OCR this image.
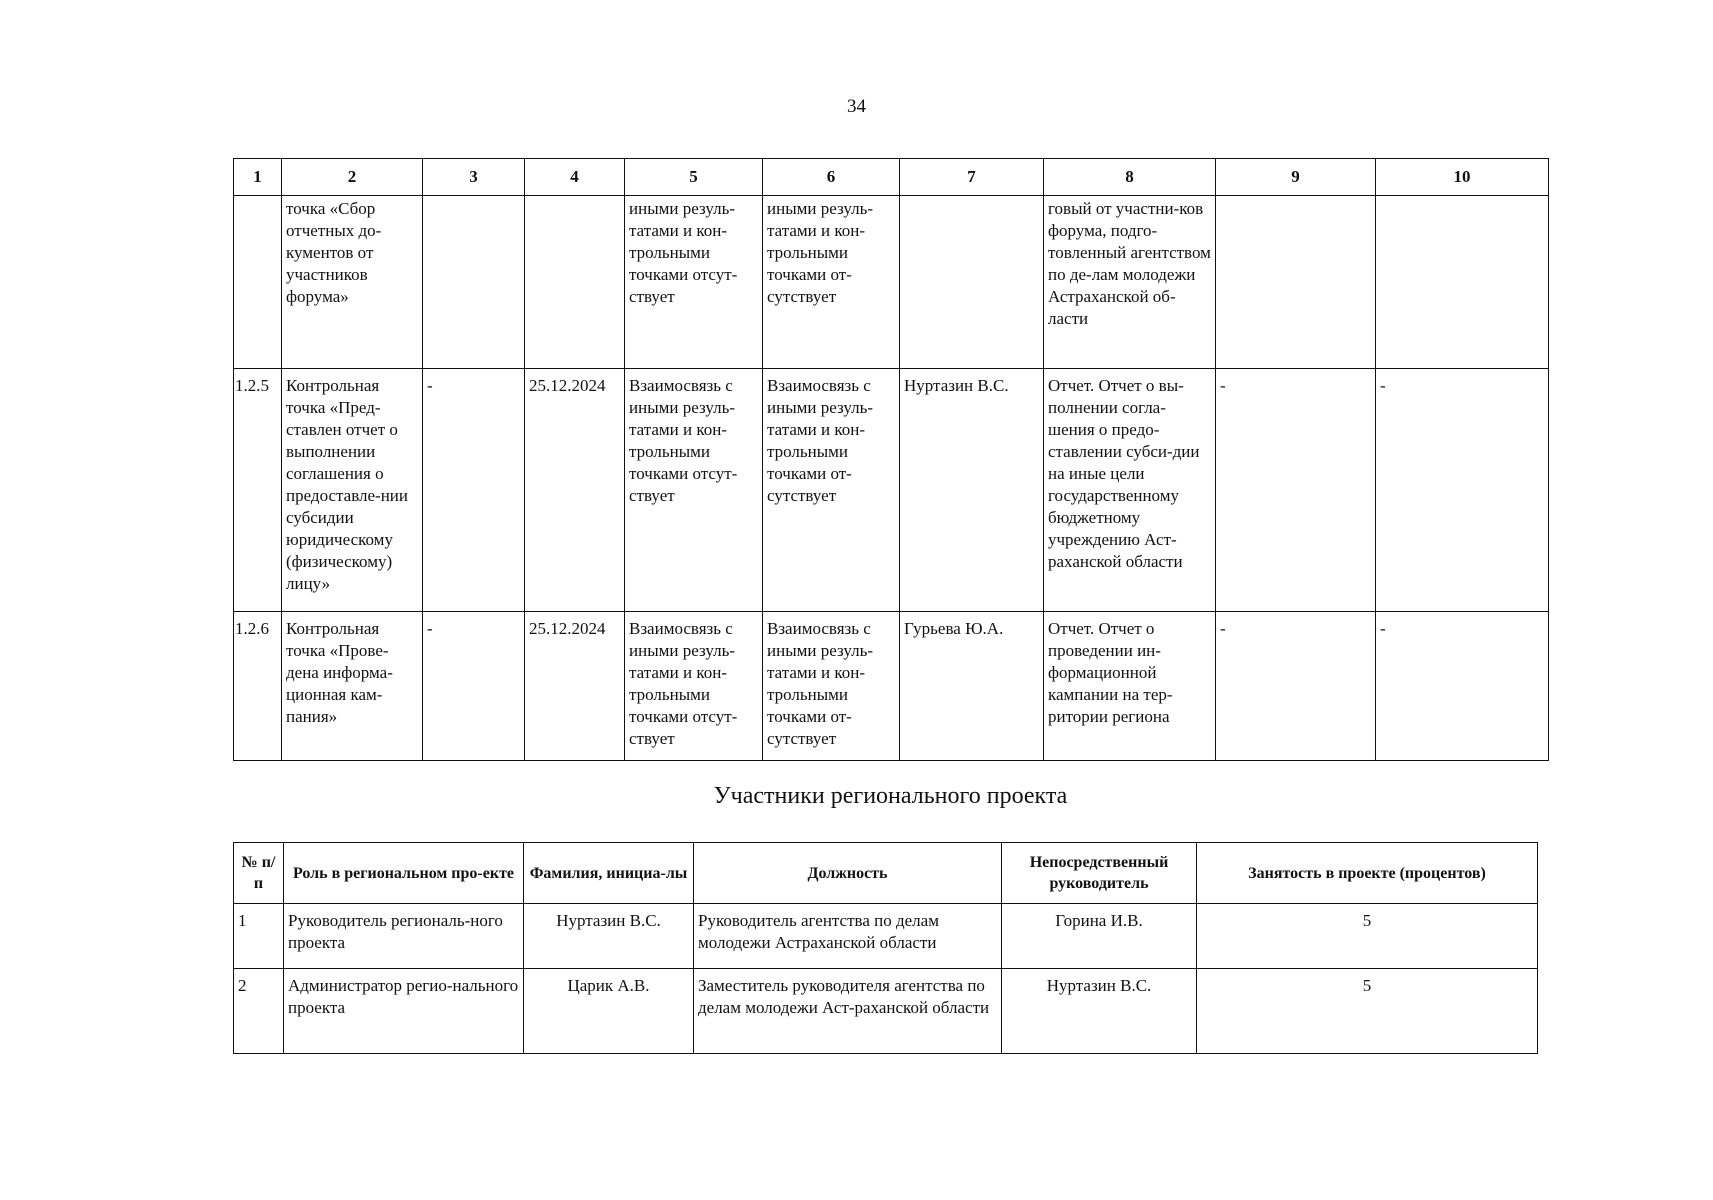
34
1	2	3	4	5	6	7	8	9	10
	точка «Сбор отчетных до-кументов от участников форума»			иными резуль-татами и кон-трольными точками отсут-ствует	иными резуль-татами и кон-трольными точками от-сутствует		говый от участни-ков форума, подго-товленный агентством по де-лам молодежи Астраханской об-ласти		
1.2.5	Контрольная точка «Пред-ставлен отчет о выполнении соглашения о предоставле-нии субсидии юридическому (физическому) лицу»	-	25.12.2024	Взаимосвязь с иными резуль-татами и кон-трольными точками отсут-ствует	Взаимосвязь с иными резуль-татами и кон-трольными точками от-сутствует	Нуртазин В.С.	Отчет. Отчет о вы-полнении согла-шения о предо-ставлении субси-дии на иные цели государственному бюджетному учреждению Аст-раханской области	-	-
1.2.6	Контрольная точка «Прове-дена информа-ционная кам-пания»	-	25.12.2024	Взаимосвязь с иными резуль-татами и кон-трольными точками отсут-ствует	Взаимосвязь с иными резуль-татами и кон-трольными точками от-сутствует	Гурьева Ю.А.	Отчет. Отчет о проведении ин-формационной кампании на тер-ритории региона	-	-
Участники регионального проекта
№ п/п	Роль в региональном про-екте	Фамилия, инициа-лы	Должность	Непосредственный руководитель	Занятость в проекте (процентов)
1	Руководитель региональ-ного проекта	Нуртазин В.С.	Руководитель агентства по делам молодежи Астраханской области	Горина И.В.	5
2	Администратор регио-нального проекта	Царик А.В.	Заместитель руководителя агентства по делам молодежи Аст-раханской области	Нуртазин В.С.	5
